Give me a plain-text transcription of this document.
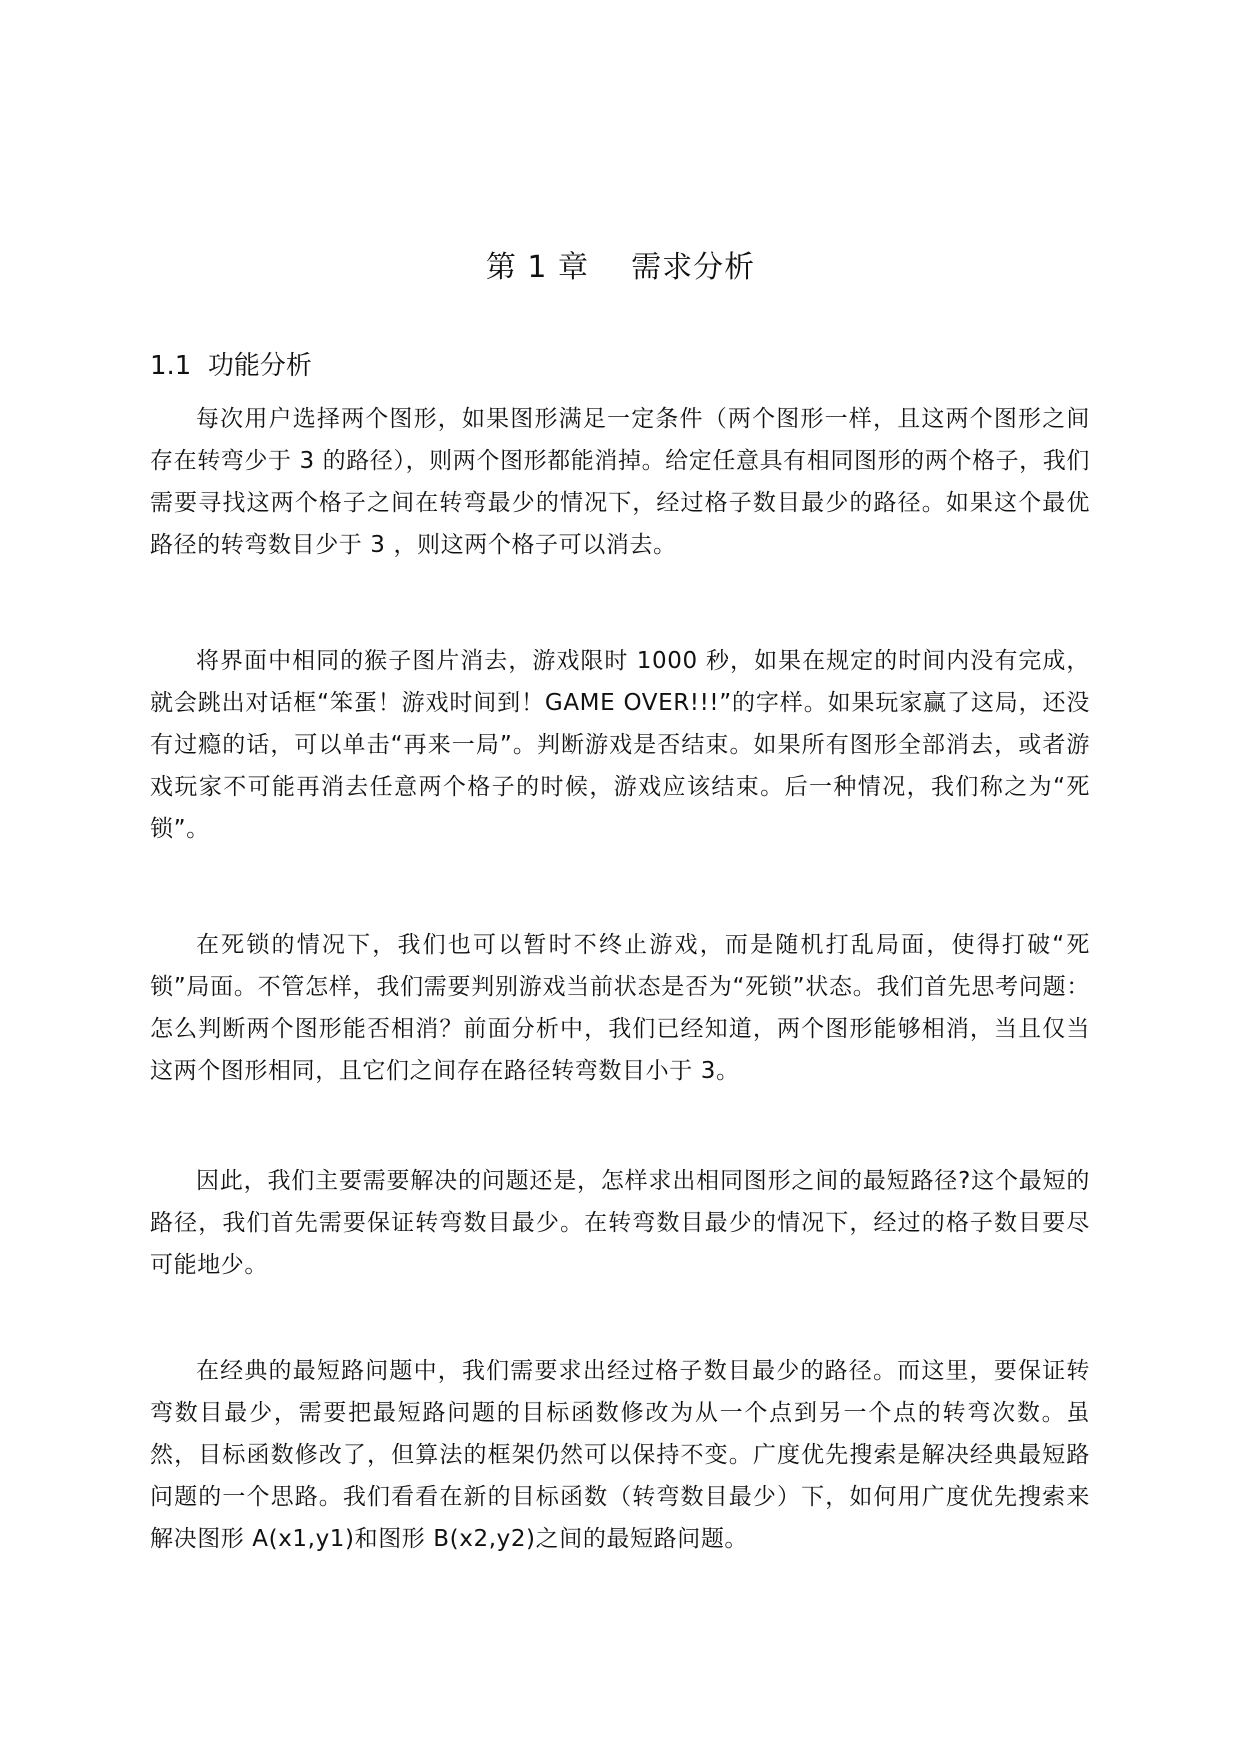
第 1 章    需求分析
1.1  功能分析

每次用户选择两个图形，如果图形满足一定条件（两个图形一样，且这两个图形之间存在转弯少于 3 的路径），则两个图形都能消掉。给定任意具有相同图形的两个格子，我们需要寻找这两个格子之间在转弯最少的情况下，经过格子数目最少的路径。如果这个最优路径的转弯数目少于 3 ，则这两个格子可以消去。

将界面中相同的猴子图片消去，游戏限时 1000 秒，如果在规定的时间内没有完成，就会跳出对话框“笨蛋！游戏时间到！GAME OVER!!!”的字样。如果玩家赢了这局，还没有过瘾的话，可以单击“再来一局”。判断游戏是否结束。如果所有图形全部消去，或者游戏玩家不可能再消去任意两个格子的时候，游戏应该结束。后一种情况，我们称之为“死锁”。

在死锁的情况下，我们也可以暂时不终止游戏，而是随机打乱局面，使得打破“死锁”局面。不管怎样，我们需要判别游戏当前状态是否为“死锁”状态。我们首先思考问题：怎么判断两个图形能否相消？前面分析中，我们已经知道，两个图形能够相消，当且仅当这两个图形相同，且它们之间存在路径转弯数目小于 3。

因此，我们主要需要解决的问题还是，怎样求出相同图形之间的最短路径?这个最短的路径，我们首先需要保证转弯数目最少。在转弯数目最少的情况下，经过的格子数目要尽可能地少。

在经典的最短路问题中，我们需要求出经过格子数目最少的路径。而这里，要保证转弯数目最少，需要把最短路问题的目标函数修改为从一个点到另一个点的转弯次数。虽然，目标函数修改了，但算法的框架仍然可以保持不变。广度优先搜索是解决经典最短路问题的一个思路。我们看看在新的目标函数（转弯数目最少）下，如何用广度优先搜索来解决图形 A(x1,y1)和图形 B(x2,y2)之间的最短路问题。
